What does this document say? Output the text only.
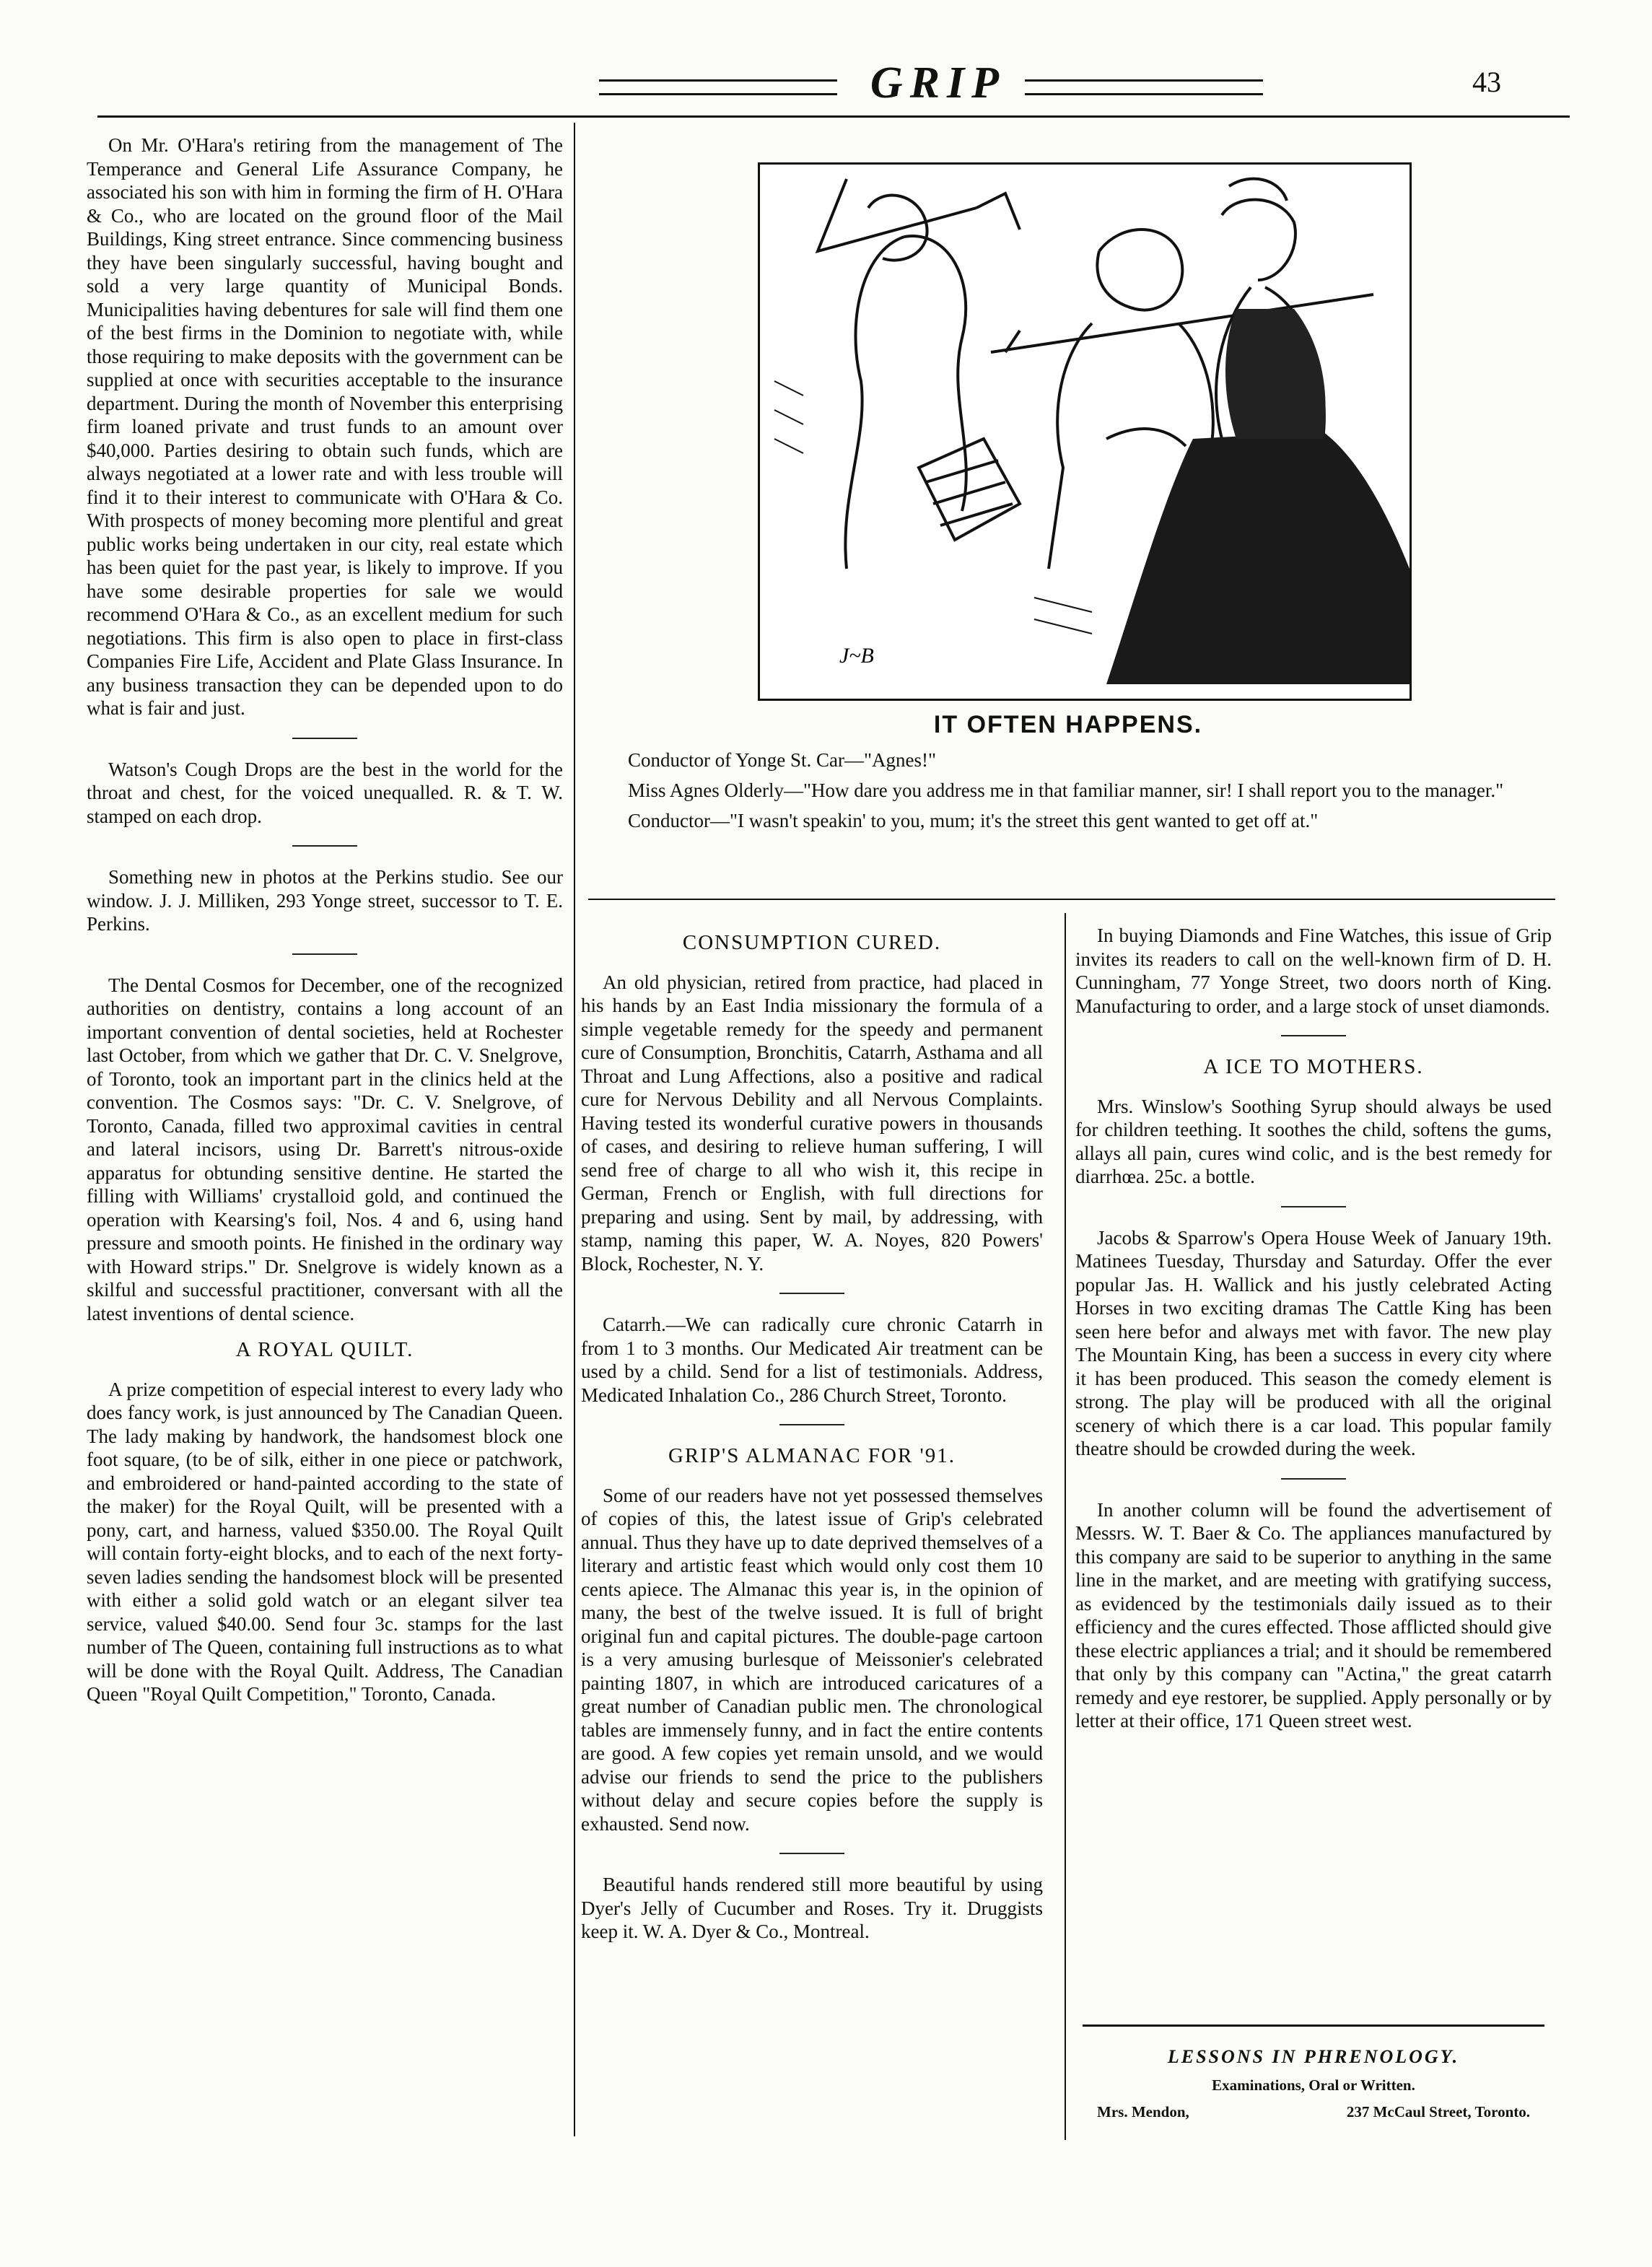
GRIP	43

On Mr. O'Hara's retiring from the management of The Temperance and General Life Assurance Company, he associated his son with him in forming the firm of H. O'Hara & Co., who are located on the ground floor of the Mail Buildings, King street entrance. Since commencing business they have been singularly successful, having bought and sold a very large quantity of Municipal Bonds. Municipalities having debentures for sale will find them one of the best firms in the Dominion to negotiate with, while those requiring to make deposits with the government can be supplied at once with securities acceptable to the insurance department. During the month of November this enterprising firm loaned private and trust funds to an amount over $40,000. Parties desiring to obtain such funds, which are always negotiated at a lower rate and with less trouble will find it to their interest to communicate with O'Hara & Co. With prospects of money becoming more plentiful and great public works being undertaken in our city, real estate which has been quiet for the past year, is likely to improve. If you have some desirable properties for sale we would recommend O'Hara & Co., as an excellent medium for such negotiations. This firm is also open to place in first-class Companies Fire Life, Accident and Plate Glass Insurance. In any business transaction they can be depended upon to do what is fair and just.

Watson's Cough Drops are the best in the world for the throat and chest, for the voiced unequalled. R. & T. W. stamped on each drop.

Something new in photos at the Perkins studio. See our window. J. J. Milliken, 293 Yonge street, successor to T. E. Perkins.

The Dental Cosmos for December, one of the recognized authorities on dentistry, contains a long account of an important convention of dental societies, held at Rochester last October, from which we gather that Dr. C. V. Snelgrove, of Toronto, took an important part in the clinics held at the convention. The Cosmos says: "Dr. C. V. Snelgrove, of Toronto, Canada, filled two approximal cavities in central and lateral incisors, using Dr. Barrett's nitrous-oxide apparatus for obtunding sensitive dentine. He started the filling with Williams' crystalloid gold, and continued the operation with Kearsing's foil, Nos. 4 and 6, using hand pressure and smooth points. He finished in the ordinary way with Howard strips." Dr. Snelgrove is widely known as a skilful and successful practitioner, conversant with all the latest inventions of dental science.

A ROYAL QUILT.

A prize competition of especial interest to every lady who does fancy work, is just announced by The Canadian Queen. The lady making by handwork, the handsomest block one foot square, (to be of silk, either in one piece or patchwork, and embroidered or hand-painted according to the state of the maker) for the Royal Quilt, will be presented with a pony, cart, and harness, valued $350.00. The Royal Quilt will contain forty-eight blocks, and to each of the next forty-seven ladies sending the handsomest block will be presented with either a solid gold watch or an elegant silver tea service, valued $40.00. Send four 3c. stamps for the last number of The Queen, containing full instructions as to what will be done with the Royal Quilt. Address, The Canadian Queen "Royal Quilt Competition," Toronto, Canada.

J~B
IT OFTEN HAPPENS.

Conductor of Yonge St. Car—"Agnes!"

Miss Agnes Olderly—"How dare you address me in that familiar manner, sir! I shall report you to the manager."

Conductor—"I wasn't speakin' to you, mum; it's the street this gent wanted to get off at."

CONSUMPTION CURED.

An old physician, retired from practice, had placed in his hands by an East India missionary the formula of a simple vegetable remedy for the speedy and permanent cure of Consumption, Bronchitis, Catarrh, Asthama and all Throat and Lung Affections, also a positive and radical cure for Nervous Debility and all Nervous Complaints. Having tested its wonderful curative powers in thousands of cases, and desiring to relieve human suffering, I will send free of charge to all who wish it, this recipe in German, French or English, with full directions for preparing and using. Sent by mail, by addressing, with stamp, naming this paper, W. A. Noyes, 820 Powers' Block, Rochester, N. Y.

Catarrh.—We can radically cure chronic Catarrh in from 1 to 3 months. Our Medicated Air treatment can be used by a child. Send for a list of testimonials. Address, Medicated Inhalation Co., 286 Church Street, Toronto.

GRIP'S ALMANAC FOR '91.

Some of our readers have not yet possessed themselves of copies of this, the latest issue of Grip's celebrated annual. Thus they have up to date deprived themselves of a literary and artistic feast which would only cost them 10 cents apiece. The Almanac this year is, in the opinion of many, the best of the twelve issued. It is full of bright original fun and capital pictures. The double-page cartoon is a very amusing burlesque of Meissonier's celebrated painting 1807, in which are introduced caricatures of a great number of Canadian public men. The chronological tables are immensely funny, and in fact the entire contents are good. A few copies yet remain unsold, and we would advise our friends to send the price to the publishers without delay and secure copies before the supply is exhausted. Send now.

Beautiful hands rendered still more beautiful by using Dyer's Jelly of Cucumber and Roses. Try it. Druggists keep it. W. A. Dyer & Co., Montreal.

In buying Diamonds and Fine Watches, this issue of Grip invites its readers to call on the well-known firm of D. H. Cunningham, 77 Yonge Street, two doors north of King. Manufacturing to order, and a large stock of unset diamonds.

A ICE TO MOTHERS.

Mrs. Winslow's Soothing Syrup should always be used for children teething. It soothes the child, softens the gums, allays all pain, cures wind colic, and is the best remedy for diarrhœa. 25c. a bottle.

Jacobs & Sparrow's Opera House Week of January 19th. Matinees Tuesday, Thursday and Saturday. Offer the ever popular Jas. H. Wallick and his justly celebrated Acting Horses in two exciting dramas The Cattle King has been seen here befor and always met with favor. The new play The Mountain King, has been a success in every city where it has been produced. This season the comedy element is strong. The play will be produced with all the original scenery of which there is a car load. This popular family theatre should be crowded during the week.

In another column will be found the advertisement of Messrs. W. T. Baer & Co. The appliances manufactured by this company are said to be superior to anything in the same line in the market, and are meeting with gratifying success, as evidenced by the testimonials daily issued as to their efficiency and the cures effected. Those afflicted should give these electric appliances a trial; and it should be remembered that only by this company can "Actina," the great catarrh remedy and eye restorer, be supplied. Apply personally or by letter at their office, 171 Queen street west.

LESSONS IN PHRENOLOGY.
Examinations, Oral or Written.
Mrs. Mendon,	237 McCaul Street, Toronto.
